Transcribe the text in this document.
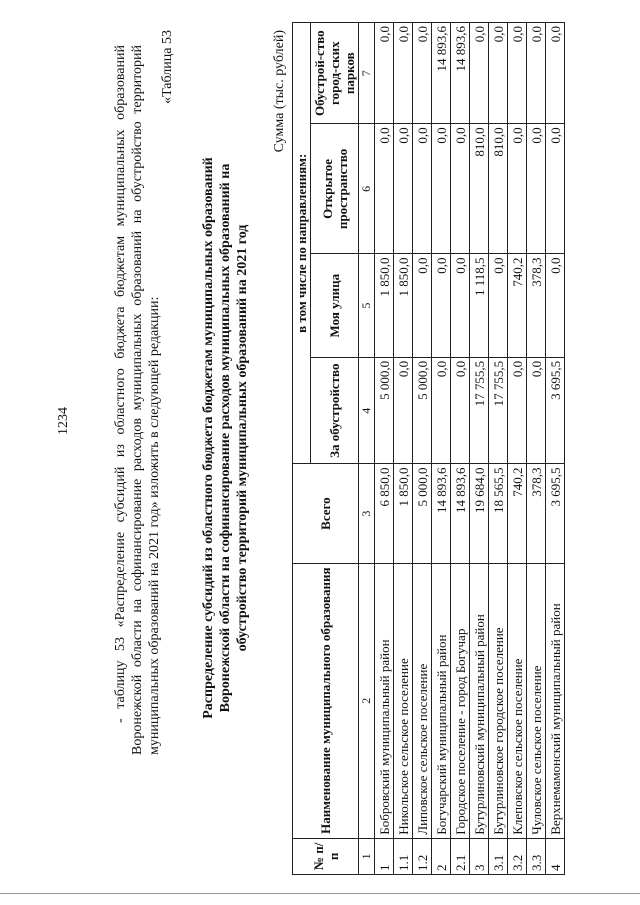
1234	- таблицу 53 «Распределение субсидий из областного бюджета бюджетам муниципальных образований Воронежской области на софинансирование расходов муниципальных образований на обустройство территорий муниципальных образований на 2021 год» изложить в следующей редакции:

«Таблица 53
Распределение субсидий из областного бюджета бюджетам муниципальных образований Воронежской области на софинансирование расходов муниципальных образований на обустройство территорий муниципальных образований на 2021 год
Сумма (тыс. рублей)
№ п/п	Наименование муниципального образования	Всего	в том числе по направлениям:			
			За обустройство	Моя улица	Открытое пространство	Обустрой-ство город-ских парков
1	2	3	4	5	6	7
1	Бобровский муниципальный район	6 850,0	5 000,0	1 850,0	0,0	0,0
1.1	Никольское сельское поселение	1 850,0	0,0	1 850,0	0,0	0,0
1.2	Липовское сельское поселение	5 000,0	5 000,0	0,0	0,0	0,0
2	Богучарский муниципальный район	14 893,6	0,0	0,0	0,0	14 893,6
2.1	Городское поселение - город Богучар	14 893,6	0,0	0,0	0,0	14 893,6
3	Бутурлиновский муниципальный район	19 684,0	17 755,5	1 118,5	810,0	0,0
3.1	Бутурлиновское городское поселение	18 565,5	17 755,5	0,0	810,0	0,0
3.2	Клеповское сельское поселение	740,2	0,0	740,2	0,0	0,0
3.3	Чуловское сельское поселение	378,3	0,0	378,3	0,0	0,0
4	Верхнемамонский муниципальный район	3 695,5	3 695,5	0,0	0,0	0,0
